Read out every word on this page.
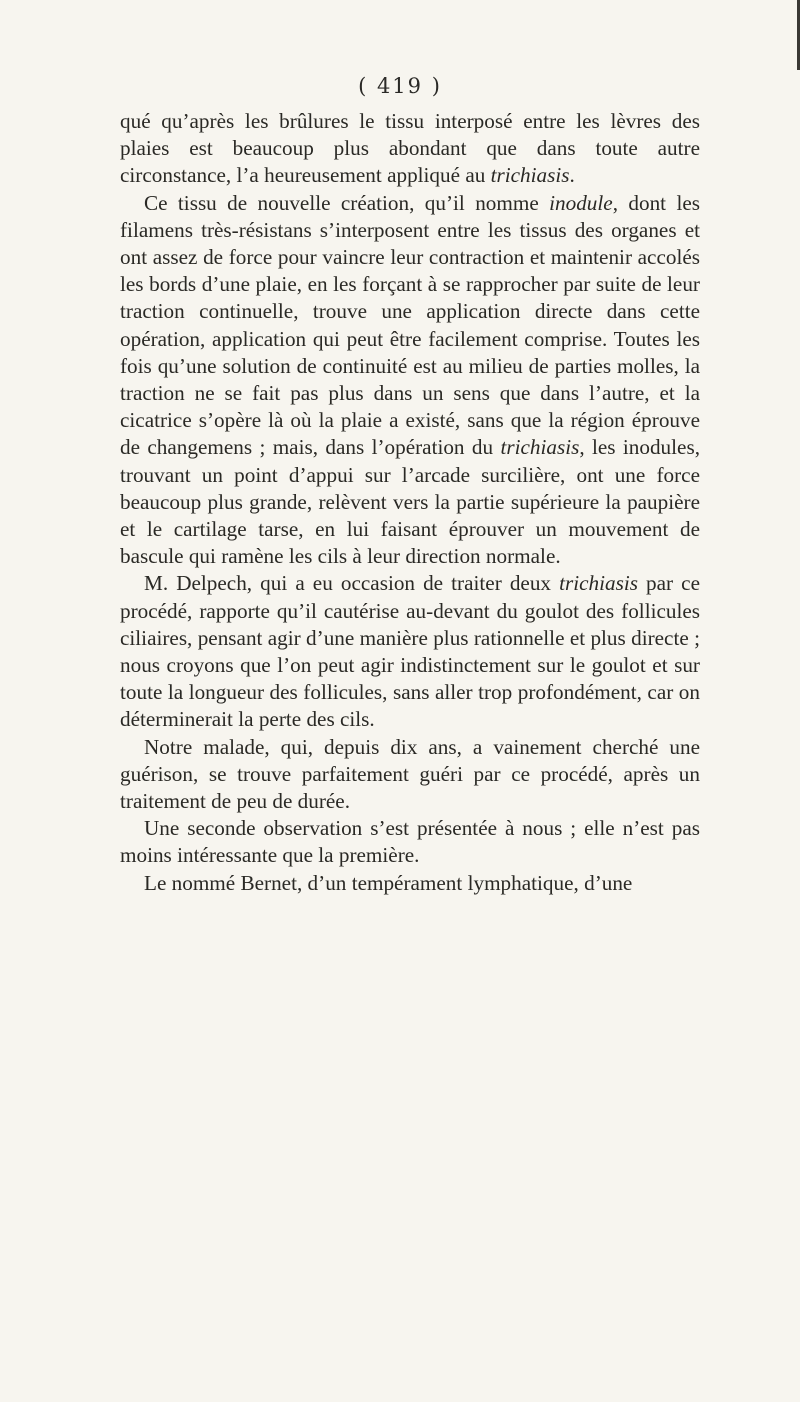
( 419 )

qué qu’après les brûlures le tissu interposé entre les lèvres des plaies est beaucoup plus abondant que dans toute autre circonstance, l’a heureusement appliqué au trichiasis.

Ce tissu de nouvelle création, qu’il nomme inodule, dont les filamens très-résistans s’interposent entre les tissus des organes et ont assez de force pour vaincre leur contraction et maintenir accolés les bords d’une plaie, en les forçant à se rapprocher par suite de leur traction continuelle, trouve une application directe dans cette opération, application qui peut être facilement comprise. Toutes les fois qu’une solution de continuité est au milieu de parties molles, la traction ne se fait pas plus dans un sens que dans l’autre, et la cicatrice s’opère là où la plaie a existé, sans que la région éprouve de changemens ; mais, dans l’opération du trichiasis, les inodules, trouvant un point d’appui sur l’arcade surcilière, ont une force beaucoup plus grande, relèvent vers la partie supérieure la paupière et le cartilage tarse, en lui faisant éprouver un mouvement de bascule qui ramène les cils à leur direction normale.

M. Delpech, qui a eu occasion de traiter deux trichiasis par ce procédé, rapporte qu’il cautérise au-devant du goulot des follicules ciliaires, pensant agir d’une manière plus rationnelle et plus directe ; nous croyons que l’on peut agir indistinctement sur le goulot et sur toute la longueur des follicules, sans aller trop profondément, car on déterminerait la perte des cils.

Notre malade, qui, depuis dix ans, a vainement cherché une guérison, se trouve parfaitement guéri par ce procédé, après un traitement de peu de durée.

Une seconde observation s’est présentée à nous ; elle n’est pas moins intéressante que la première.

Le nommé Bernet, d’un tempérament lymphatique, d’une
